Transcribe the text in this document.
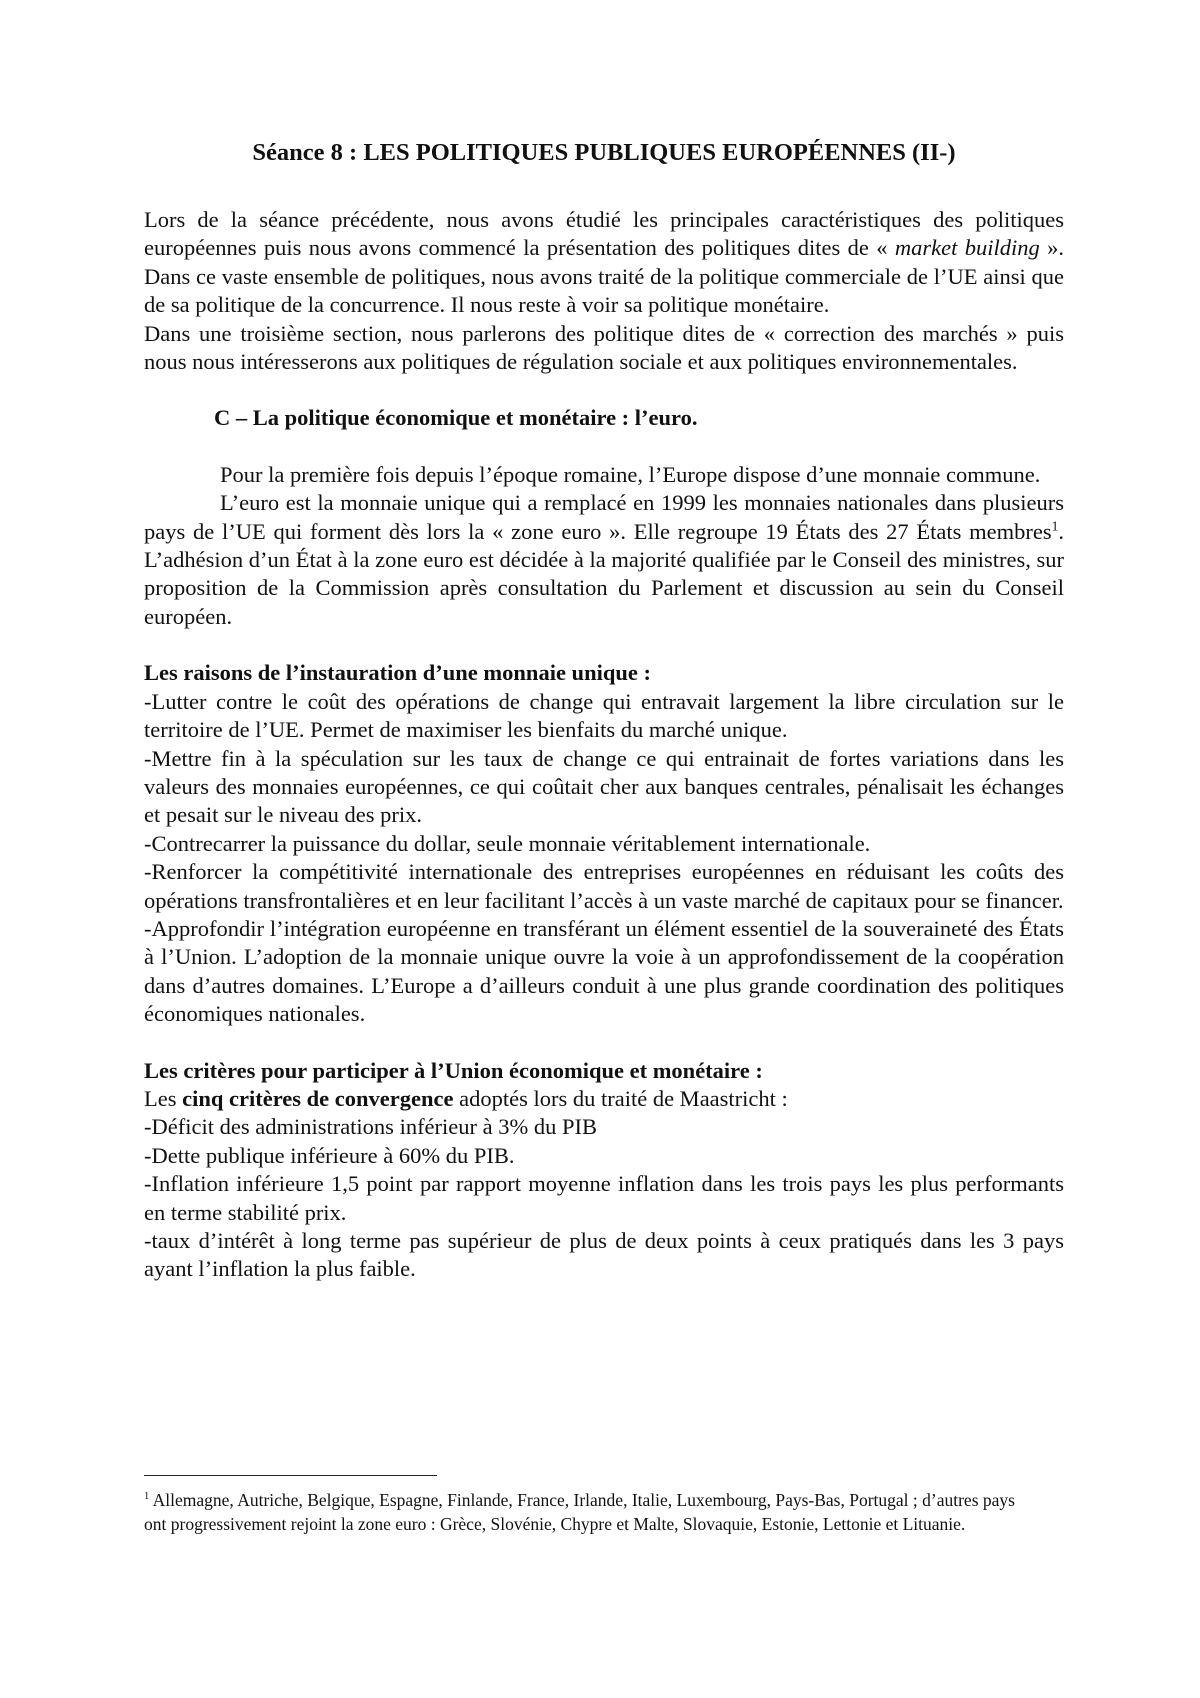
Séance 8 : LES POLITIQUES PUBLIQUES EUROPÉENNES (II-)

Lors de la séance précédente, nous avons étudié les principales caractéristiques des politiques européennes puis nous avons commencé la présentation des politiques dites de « market building ». Dans ce vaste ensemble de politiques, nous avons traité de la politique commerciale de l’UE ainsi que de sa politique de la concurrence. Il nous reste à voir sa politique monétaire.

Dans une troisième section, nous parlerons des politique dites de « correction des marchés » puis nous nous intéresserons aux politiques de régulation sociale et aux politiques environnementales.

C – La politique économique et monétaire : l’euro.

Pour la première fois depuis l’époque romaine, l’Europe dispose d’une monnaie commune.

L’euro est la monnaie unique qui a remplacé en 1999 les monnaies nationales dans plusieurs pays de l’UE qui forment dès lors la « zone euro ». Elle regroupe 19 États des 27 États membres$^1$. L’adhésion d’un État à la zone euro est décidée à la majorité qualifiée par le Conseil des ministres, sur proposition de la Commission après consultation du Parlement et discussion au sein du Conseil européen.

Les raisons de l’instauration d’une monnaie unique :

-Lutter contre le coût des opérations de change qui entravait largement la libre circulation sur le territoire de l’UE. Permet de maximiser les bienfaits du marché unique.

-Mettre fin à la spéculation sur les taux de change ce qui entrainait de fortes variations dans les valeurs des monnaies européennes, ce qui coûtait cher aux banques centrales, pénalisait les échanges et pesait sur le niveau des prix.

-Contrecarrer la puissance du dollar, seule monnaie véritablement internationale.

-Renforcer la compétitivité internationale des entreprises européennes en réduisant les coûts des opérations transfrontalières et en leur facilitant l’accès à un vaste marché de capitaux pour se financer.

-Approfondir l’intégration européenne en transférant un élément essentiel de la souveraineté des États à l’Union. L’adoption de la monnaie unique ouvre la voie à un approfondissement de la coopération dans d’autres domaines. L’Europe a d’ailleurs conduit à une plus grande coordination des politiques économiques nationales.

Les critères pour participer à l’Union économique et monétaire :

Les cinq critères de convergence adoptés lors du traité de Maastricht :

-Déficit des administrations inférieur à 3% du PIB

-Dette publique inférieure à 60% du PIB.

-Inflation inférieure 1,5 point par rapport moyenne inflation dans les trois pays les plus performants en terme stabilité prix.

-taux d’intérêt à long terme pas supérieur de plus de deux points à ceux pratiqués dans les 3 pays ayant l’inflation la plus faible.

$^1$ Allemagne, Autriche, Belgique, Espagne, Finlande, France, Irlande, Italie, Luxembourg, Pays-Bas, Portugal ; d’autres pays ont progressivement rejoint la zone euro : Grèce, Slovénie, Chypre et Malte, Slovaquie, Estonie, Lettonie et Lituanie.
